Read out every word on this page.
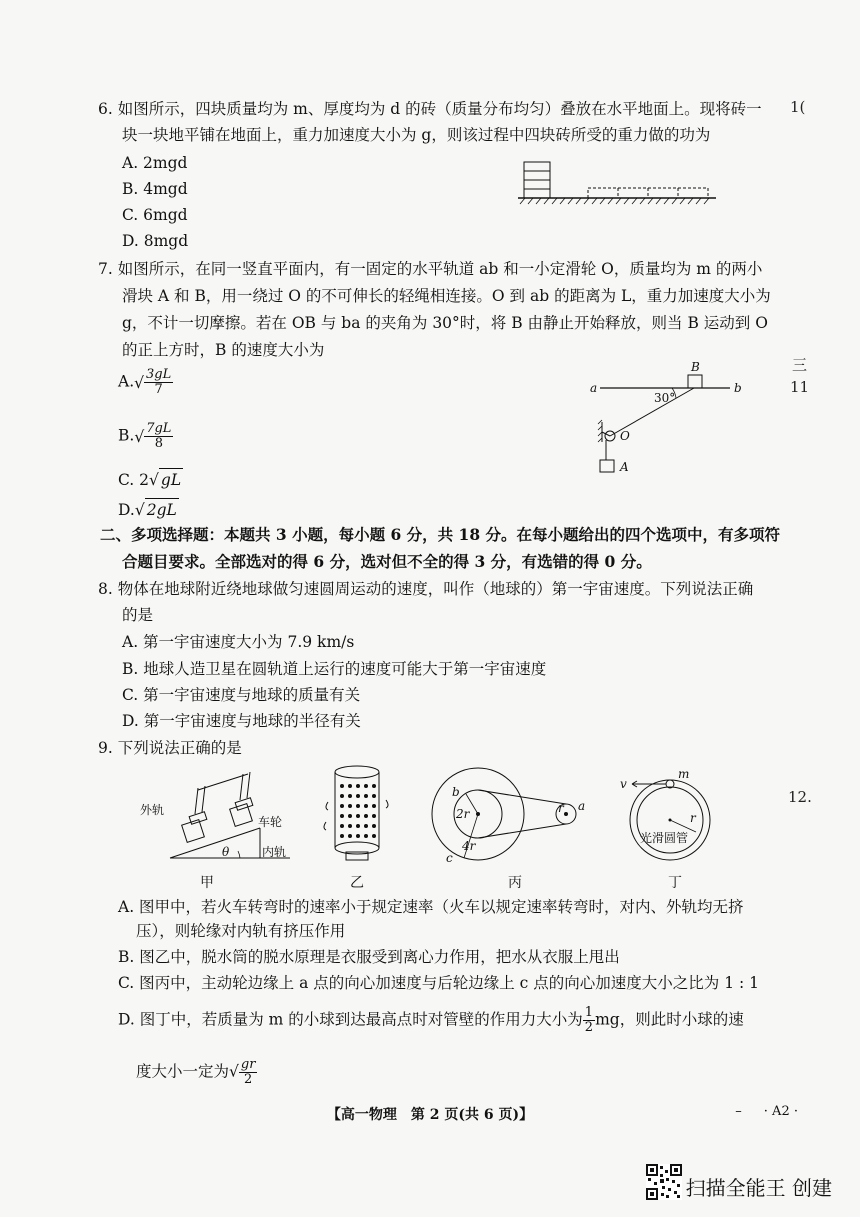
6. 如图所示，四块质量均为 m、厚度均为 d 的砖（质量分布均匀）叠放在水平地面上。现将砖一
块一块地平铺在地面上，重力加速度大小为 g，则该过程中四块砖所受的重力做的功为
A. 2mgd
B. 4mgd
C. 6mgd
D. 8mgd
7. 如图所示，在同一竖直平面内，有一固定的水平轨道 ab 和一小定滑轮 O，质量均为 m 的两小
滑块 A 和 B，用一绕过 O 的不可伸长的轻绳相连接。O 到 ab 的距离为 L，重力加速度大小为
g，不计一切摩擦。若在 OB 与 ba 的夹角为 30°时，将 B 由静止开始释放，则当 B 运动到 O
的正上方时，B 的速度大小为
$A.√ \frac{3gL}{7}$
$B.√ \frac{7gL}{8}$
C. 2√ gL
D.√ 2gL
a	b
B
O
A
30°
二、多项选择题：本题共 3 小题，每小题 6 分，共 18 分。在每小题给出的四个选项中，有多项符
合题目要求。全部选对的得 6 分，选对但不全的得 3 分，有选错的得 0 分。
8. 物体在地球附近绕地球做匀速圆周运动的速度，叫作（地球的）第一宇宙速度。下列说法正确
的是
A. 第一宇宙速度大小为 7.9 km/s
B. 地球人造卫星在圆轨道上运行的速度可能大于第一宇宙速度
C. 第一宇宙速度与地球的质量有关
D. 第一宇宙速度与地球的半径有关
9. 下列说法正确的是
外轨
车轮
内轨
θ
b
2r
4r
c
r a
v
m
r
光滑圆管
甲	乙	丙	丁
A. 图甲中，若火车转弯时的速率小于规定速率（火车以规定速率转弯时，对内、外轨均无挤
压），则轮缘对内轨有挤压作用
B. 图乙中，脱水筒的脱水原理是衣服受到离心力作用，把水从衣服上甩出
C. 图丙中，主动轮边缘上 a 点的向心加速度与后轮边缘上 c 点的向心加速度大小之比为 1 : 1
D. 图丁中，若质量为 m 的小球到达最高点时对管壁的作用力大小为 $\frac{1}{2}$ mg，则此时小球的速
度大小一定为√ $\frac{gr}{2}$
1(
三
11
12.
【高一物理　第 2 页(共 6 页)】	– · A2 ·
扫描全能王 创建
